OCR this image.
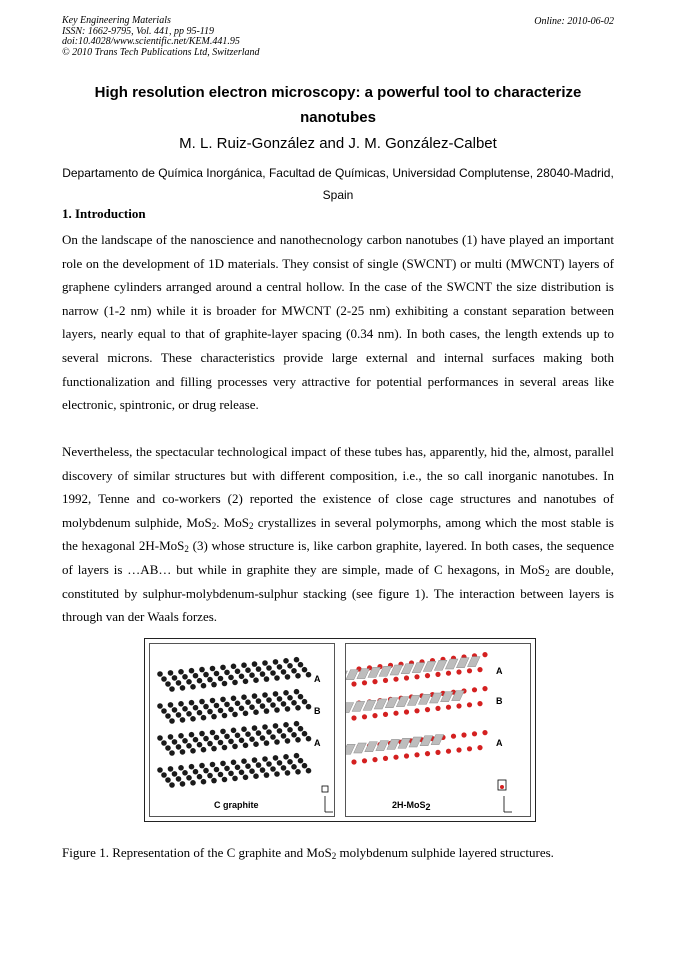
Key Engineering Materials
ISSN: 1662-9795, Vol. 441, pp 95-119
doi:10.4028/www.scientific.net/KEM.441.95
© 2010 Trans Tech Publications Ltd, Switzerland
Online: 2010-06-02
High resolution electron microscopy: a powerful tool to characterize nanotubes
M. L. Ruiz-González and J. M. González-Calbet
Departamento de Química Inorgánica, Facultad de Químicas, Universidad Complutense, 28040-Madrid, Spain
1. Introduction
On the landscape of the nanoscience and nanothecnology carbon nanotubes (1) have played an important role on the development of 1D materials. They consist of single (SWCNT) or multi (MWCNT) layers of graphene cylinders arranged around a central hollow. In the case of the SWCNT the size distribution is narrow (1-2 nm) while it is broader for MWCNT (2-25 nm) exhibiting a constant separation between layers, nearly equal to that of graphite-layer spacing (0.34 nm). In both cases, the length extends up to several microns. These characteristics provide large external and internal surfaces making both functionalization and filling processes very attractive for potential performances in several areas like electronic, spintronic, or drug release.
Nevertheless, the spectacular technological impact of these tubes has, apparently, hid the, almost, parallel discovery of similar structures but with different composition, i.e., the so call inorganic nanotubes. In 1992, Tenne and co-workers (2) reported the existence of close cage structures and nanotubes of molybdenum sulphide, MoS$_2$. MoS$_2$ crystallizes in several polymorphs, among which the most stable is the hexagonal 2H-MoS$_2$ (3) whose structure is, like carbon graphite, layered. In both cases, the sequence of layers is …AB… but while in graphite they are simple, made of C hexagons, in MoS$_2$ are double, constituted by sulphur-molybdenum-sulphur stacking (see figure 1). The interaction between layers is through van der Waals forzes.
A
B
A
C graphite
A
B
A
2H-MoS$_2$
Figure 1. Representation of the C graphite and MoS$_2$ molybdenum sulphide layered structures.
